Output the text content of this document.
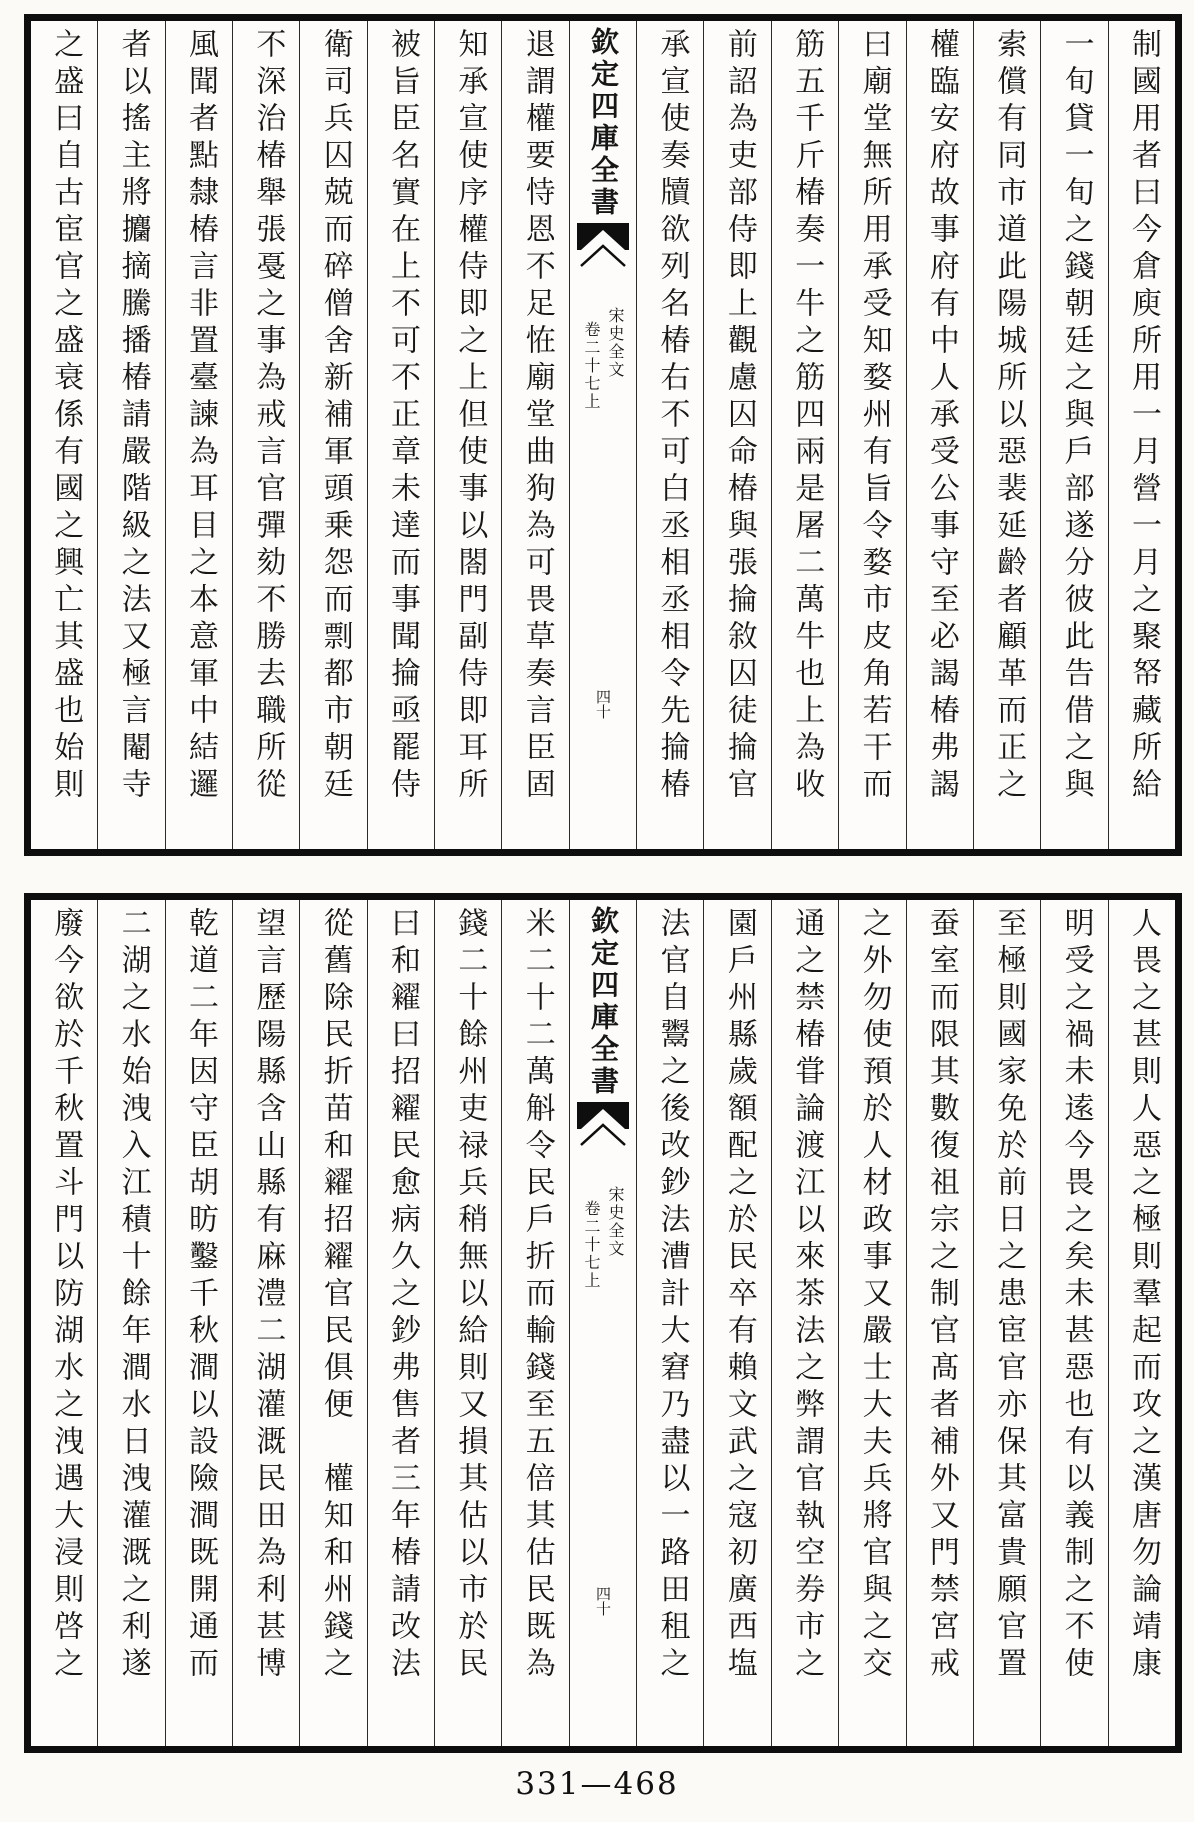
制國用者曰今倉庾所用一月營一月之聚帑藏所給
一旬貸一旬之錢朝廷之與戶部遂分彼此告借之與
索償有同市道此陽城所以惡裴延齡者顧革而正之
權臨安府故事府有中人承受公事守至必謁椿弗謁
曰廟堂無所用承受知婺州有旨令婺市皮角若干而
筋五千斤椿奏一牛之筋四兩是屠二萬牛也上為收
前詔為吏部侍即上觀慮囚命椿與張掄敘囚徒掄官
承宣使奏牘欲列名椿右不可白丞相丞相令先掄椿
欽定四庫全書
宋史全文
卷二十七上
四十
退謂權要恃恩不足恠廟堂曲狗為可畏草奏言臣固
知承宣使序權侍即之上但使事以閤門副侍即耳所
被旨臣名實在上不可不正章未達而事聞掄亟罷侍
衛司兵囚兢而碎僧舍新補軍頭乗怨而剽都市朝廷
不深治椿舉張戞之事為戒言官彈劾不勝去職所從
風聞者點隸椿言非置臺諫為耳目之本意軍中結邏
者以搖主將攟摘騰播椿請嚴階級之法又極言閹寺
之盛曰自古宦官之盛衰係有國之興亡其盛也始則
人畏之甚則人惡之極則羣起而攻之漢唐勿論靖康
明受之禍未逺今畏之矣未甚惡也有以義制之不使
至極則國家免於前日之患宦官亦保其富貴願官置
蚕室而限其數復祖宗之制官髙者補外又門禁宮戒
之外勿使預於人材政事又嚴士大夫兵將官與之交
通之禁椿甞論渡江以來茶法之弊謂官執空券市之
園戶州縣歲額配之於民卒有賴文武之寇初廣西塩
法官自鬻之後改鈔法漕計大窘乃盡以一路田租之
欽定四庫全書
宋史全文
卷二十七上
四十
米二十二萬斛令民戶折而輸錢至五倍其估民既為
錢二十餘州吏禄兵稍無以給則又損其估以市於民
曰和糴曰招糴民愈病久之鈔弗售者三年椿請改法
從舊除民折苗和糴招糴官民俱便　權知和州錢之
望言歷陽縣含山縣有麻澧二湖灌溉民田為利甚博
乾道二年因守臣胡昉鑿千秋澗以設險澗既開通而
二湖之水始洩入江積十餘年澗水日洩灌溉之利遂
廢今欲於千秋置斗門以防湖水之洩遇大浸則啓之
331—468
